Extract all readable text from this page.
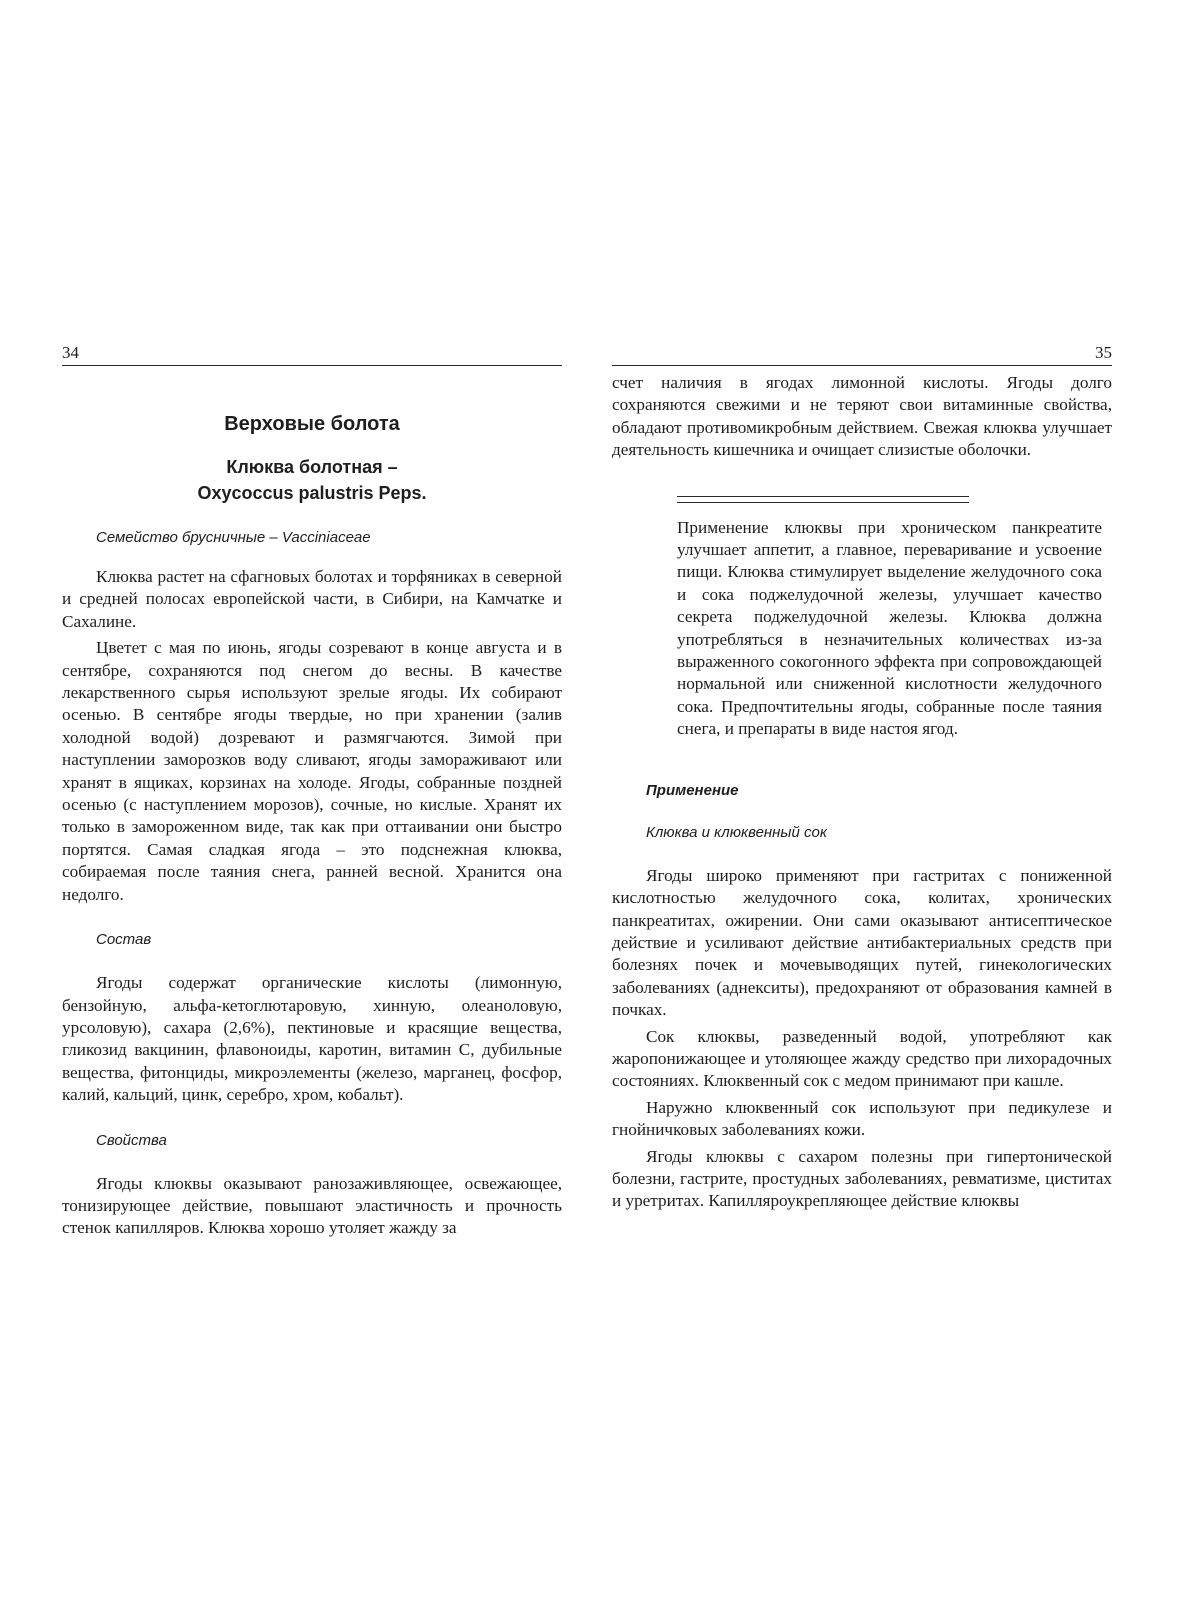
34
Верховые болота
Клюква болотная –
Oxycoccus palustris Peps.
Семейство брусничные – Vacciniaceae

Клюква растет на сфагновых болотах и торфяниках в северной и средней полосах европейской части, в Сибири, на Камчатке и Сахалине.

Цветет с мая по июнь, ягоды созревают в конце августа и в сентябре, сохраняются под снегом до весны. В качестве лекарственного сырья используют зрелые ягоды. Их собирают осенью. В сентябре ягоды твердые, но при хранении (залив холодной водой) дозревают и размягчаются. Зимой при наступлении заморозков воду сливают, ягоды замораживают или хранят в ящиках, корзинах на холоде. Ягоды, собранные поздней осенью (с наступлением морозов), сочные, но кислые. Хранят их только в замороженном виде, так как при оттаивании они быстро портятся. Самая сладкая ягода – это подснежная клюква, собираемая после таяния снега, ранней весной. Хранится она недолго.

Состав

Ягоды содержат органические кислоты (лимонную, бензойную, альфа-кетоглютаровую, хинную, олеаноловую, урсоловую), сахара (2,6%), пектиновые и красящие вещества, гликозид вакцинин, флавоноиды, каротин, витамин С, дубильные вещества, фитонциды, микроэлементы (железо, марганец, фосфор, калий, кальций, цинк, серебро, хром, кобальт).

Свойства

Ягоды клюквы оказывают ранозаживляющее, освежающее, тонизирующее действие, повышают эластичность и прочность стенок капилляров. Клюква хорошо утоляет жажду за

35

счет наличия в ягодах лимонной кислоты. Ягоды долго сохраняются свежими и не теряют свои витаминные свойства, обладают противомикробным действием. Свежая клюква улучшает деятельность кишечника и очищает слизистые оболочки.

Применение клюквы при хроническом панкреатите улучшает аппетит, а главное, переваривание и усвоение пищи. Клюква стимулирует выделение желудочного сока и сока поджелудочной железы, улучшает качество секрета поджелудочной железы. Клюква должна употребляться в незначительных количествах из-за выраженного сокогонного эффекта при сопровождающей нормальной или сниженной кислотности желудочного сока. Предпочтительны ягоды, собранные после таяния снега, и препараты в виде настоя ягод.
Применение
Клюква и клюквенный сок

Ягоды широко применяют при гастритах с пониженной кислотностью желудочного сока, колитах, хронических панкреатитах, ожирении. Они сами оказывают антисептическое действие и усиливают действие антибактериальных средств при болезнях почек и мочевыводящих путей, гинекологических заболеваниях (аднекситы), предохраняют от образования камней в почках.

Сок клюквы, разведенный водой, употребляют как жаропонижающее и утоляющее жажду средство при лихорадочных состояниях. Клюквенный сок с медом принимают при кашле.

Наружно клюквенный сок используют при педикулезе и гнойничковых заболеваниях кожи.

Ягоды клюквы с сахаром полезны при гипертонической болезни, гастрите, простудных заболеваниях, ревматизме, циститах и уретритах. Капилляроукрепляющее действие клюквы
